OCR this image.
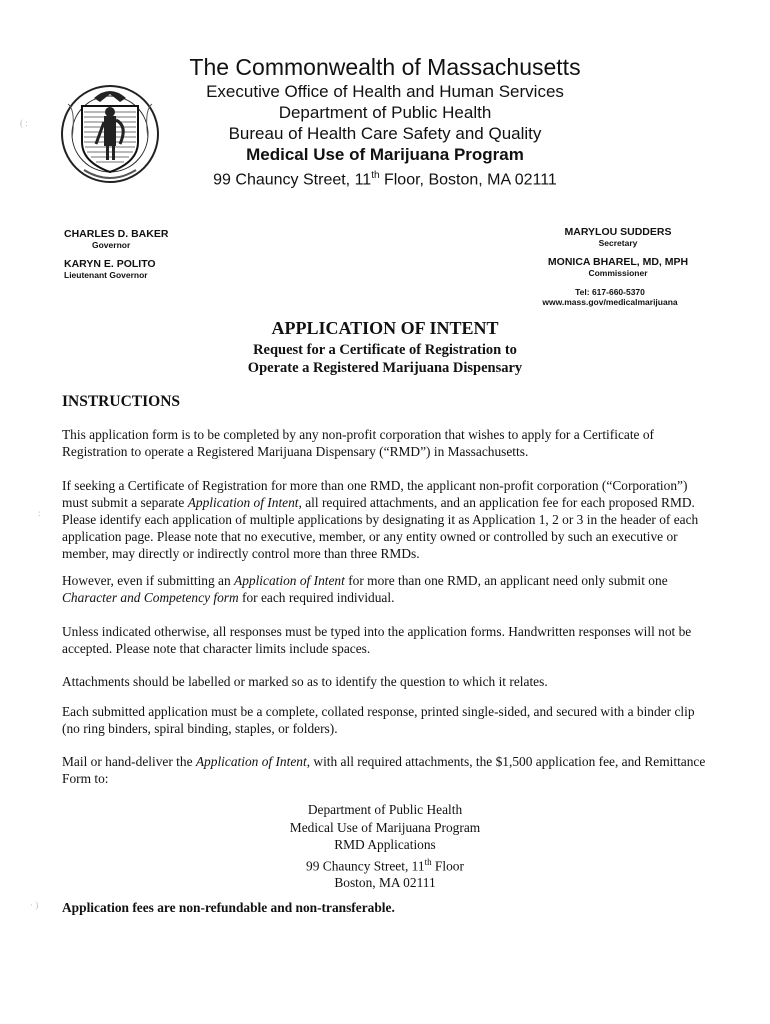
The Commonwealth of Massachusetts
Executive Office of Health and Human Services
Department of Public Health
Bureau of Health Care Safety and Quality
Medical Use of Marijuana Program
99 Chauncy Street, 11th Floor, Boston, MA 02111
CHARLES D. BAKER
Governor
KARYN E. POLITO
Lieutenant Governor
MARYLOU SUDDERS
Secretary
MONICA BHAREL, MD, MPH
Commissioner
Tel: 617-660-5370
www.mass.gov/medicalmarijuana
APPLICATION OF INTENT
Request for a Certificate of Registration to
Operate a Registered Marijuana Dispensary
INSTRUCTIONS
This application form is to be completed by any non-profit corporation that wishes to apply for a Certificate of Registration to operate a Registered Marijuana Dispensary (“RMD”) in Massachusetts.
If seeking a Certificate of Registration for more than one RMD, the applicant non-profit corporation (“Corporation”) must submit a separate Application of Intent, all required attachments, and an application fee for each proposed RMD. Please identify each application of multiple applications by designating it as Application 1, 2 or 3 in the header of each application page. Please note that no executive, member, or any entity owned or controlled by such an executive or member, may directly or indirectly control more than three RMDs.
However, even if submitting an Application of Intent for more than one RMD, an applicant need only submit one Character and Competency form for each required individual.
Unless indicated otherwise, all responses must be typed into the application forms. Handwritten responses will not be accepted. Please note that character limits include spaces.
Attachments should be labelled or marked so as to identify the question to which it relates.
Each submitted application must be a complete, collated response, printed single-sided, and secured with a binder clip (no ring binders, spiral binding, staples, or folders).
Mail or hand-deliver the Application of Intent, with all required attachments, the $1,500 application fee, and Remittance Form to:
Department of Public Health
Medical Use of Marijuana Program
RMD Applications
99 Chauncy Street, 11th Floor
Boston, MA 02111
Application fees are non-refundable and non-transferable.
( :
:
· )
